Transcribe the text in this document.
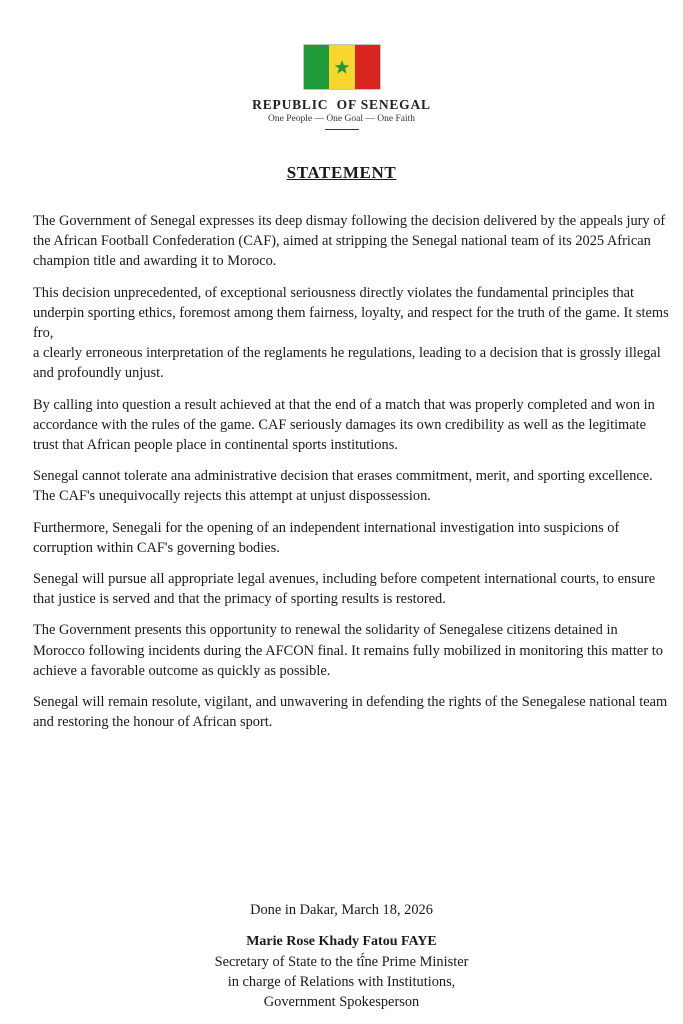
REPUBLIC  OF SENEGAL
One People — One Goal — One Faith
STATEMENT

The Government of Senegal expresses its deep dismay following the decision delivered by the appeals jury of the African Football Confederation (CAF), aimed at stripping the Senegal national team of its 2025 African champion title and awarding it to Moroco.

This decision unprecedented, of exceptional seriousness directly violates the fundamental principles that underpin sporting ethics, foremost among them fairness, loyalty, and respect for the truth of the game. It stems fro,

a clearly erroneous interpretation of the reglaments he regulations, leading to a decision that is grossly illegal and profoundly unjust.

By calling into question a result achieved at that the end of a match that was properly completed and won in accordance with the rules of the game. CAF seriously damages its own credibility as well as the legitimate trust that African people place in continental sports institutions.

Senegal cannot tolerate ana administrative decision that erases commitment, merit, and sporting excellence. The CAF's unequivocally rejects this attempt at unjust dispossession.

Furthermore, Senegali for the opening of an independent international investigation into suspicions of corruption within CAF's governing bodies.

Senegal will pursue all appropriate legal avenues, including before competent international courts, to ensure that justice is served and that the primacy of sporting results is restored.

The Government presents this opportunity to renewal the solidarity of Senegalese citizens detained in Morocco following incidents during the AFCON final. It remains fully mobilized in monitoring this matter to achieve a favorable outcome as quickly as possible.

Senegal will remain resolute, vigilant, and unwavering in defending the rights of the Senegalese national team and restoring the honour of African sport.

Done in Dakar, March 18, 2026
Marie Rose Khady Fatou FAYE
Secretary of State to the tî́ne Prime Minister
in charge of Relations with Institutions,
Government Spokesperson
